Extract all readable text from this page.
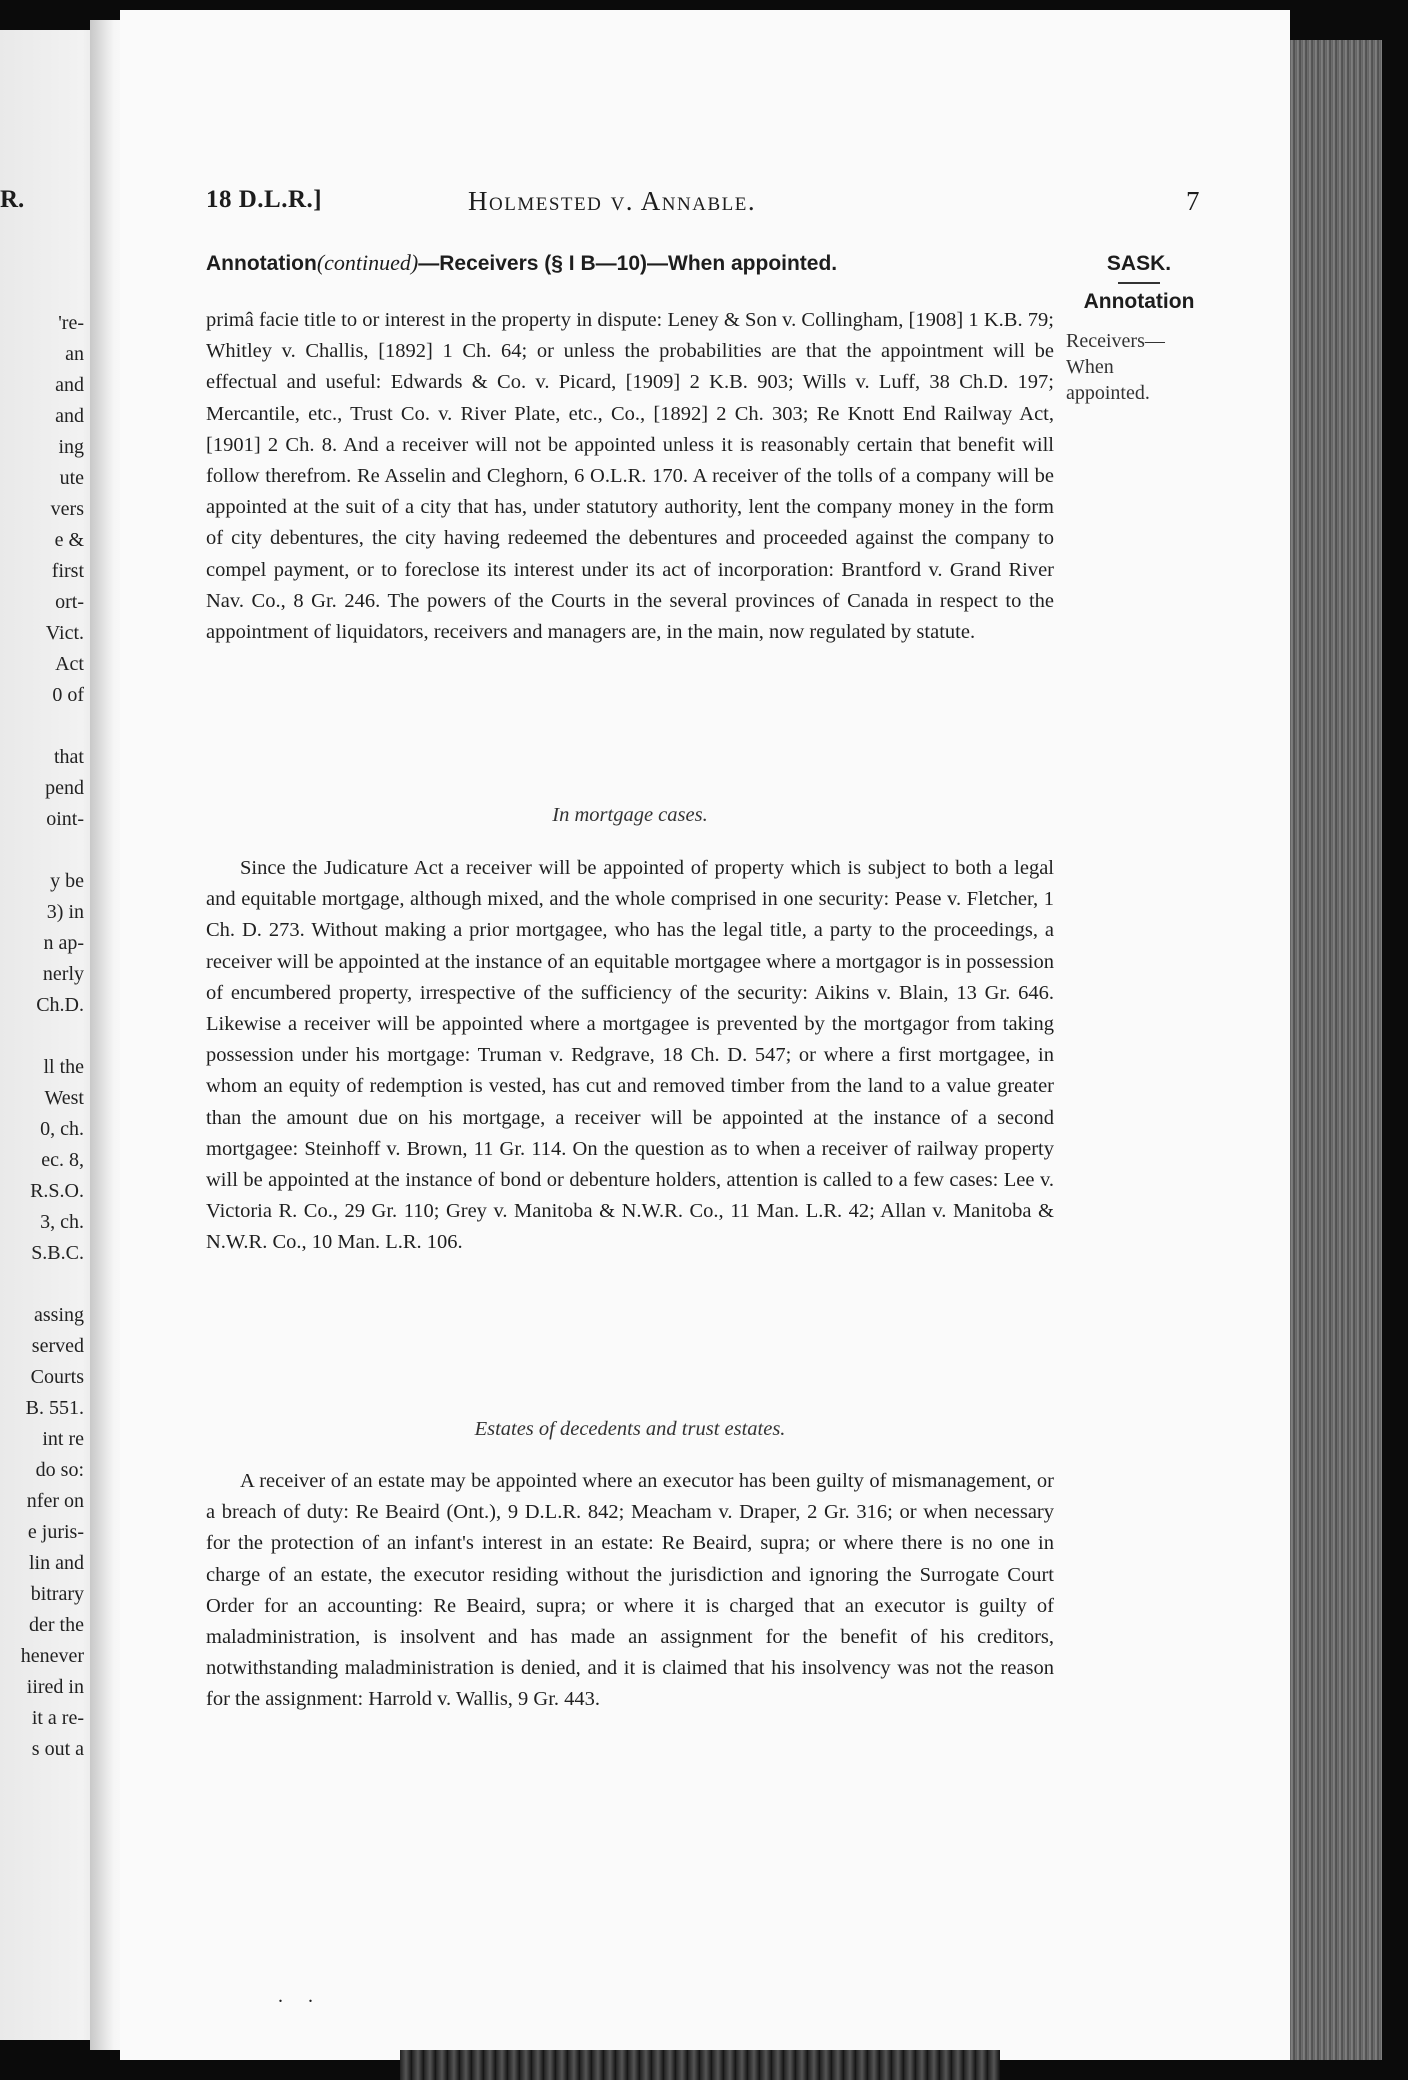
R.
're-
an
and
and
ing
ute
vers
e &
first
ort-
Vict.
Act
0 of

that
pend
oint-

y be
3) in
n ap-
nerly
Ch.D.

ll the
West
0, ch.
ec. 8,
R.S.O.
3, ch.
S.B.C.

assing
served
Courts
B. 551.
int re
do so:
nfer on
e juris-
lin and
bitrary
der the
henever
iired in
it a re-
s out a
18 D.L.R.]	Holmested v. Annable.	7
Annotation(continued)—Receivers (§ I B—10)—When appointed.	SASK.
Annotation
Receivers—
When
appointed.

primâ facie title to or interest in the property in dispute: Leney & Son v. Collingham, [1908] 1 K.B. 79; Whitley v. Challis, [1892] 1 Ch. 64; or unless the probabilities are that the appointment will be effectual and useful: Edwards & Co. v. Picard, [1909] 2 K.B. 903; Wills v. Luff, 38 Ch.D. 197; Mercantile, etc., Trust Co. v. River Plate, etc., Co., [1892] 2 Ch. 303; Re Knott End Railway Act, [1901] 2 Ch. 8. And a receiver will not be appointed unless it is reasonably certain that benefit will follow therefrom. Re Asselin and Cleghorn, 6 O.L.R. 170. A receiver of the tolls of a company will be appointed at the suit of a city that has, under statutory authority, lent the company money in the form of city debentures, the city having redeemed the debentures and proceeded against the company to compel payment, or to foreclose its interest under its act of incorporation: Brantford v. Grand River Nav. Co., 8 Gr. 246. The powers of the Courts in the several provinces of Canada in respect to the appointment of liquidators, receivers and managers are, in the main, now regulated by statute.

In mortgage cases.

Since the Judicature Act a receiver will be appointed of property which is subject to both a legal and equitable mortgage, although mixed, and the whole comprised in one security: Pease v. Fletcher, 1 Ch. D. 273. Without making a prior mortgagee, who has the legal title, a party to the proceedings, a receiver will be appointed at the instance of an equitable mortgagee where a mortgagor is in possession of encumbered property, irrespective of the sufficiency of the security: Aikins v. Blain, 13 Gr. 646. Likewise a receiver will be appointed where a mortgagee is prevented by the mortgagor from taking possession under his mortgage: Truman v. Redgrave, 18 Ch. D. 547; or where a first mortgagee, in whom an equity of redemption is vested, has cut and removed timber from the land to a value greater than the amount due on his mortgage, a receiver will be appointed at the instance of a second mortgagee: Steinhoff v. Brown, 11 Gr. 114. On the question as to when a receiver of railway property will be appointed at the instance of bond or debenture holders, attention is called to a few cases: Lee v. Victoria R. Co., 29 Gr. 110; Grey v. Manitoba & N.W.R. Co., 11 Man. L.R. 42; Allan v. Manitoba & N.W.R. Co., 10 Man. L.R. 106.

Estates of decedents and trust estates.

A receiver of an estate may be appointed where an executor has been guilty of mismanagement, or a breach of duty: Re Beaird (Ont.), 9 D.L.R. 842; Meacham v. Draper, 2 Gr. 316; or when necessary for the protection of an infant's interest in an estate: Re Beaird, supra; or where there is no one in charge of an estate, the executor residing without the jurisdiction and ignoring the Surrogate Court Order for an accounting: Re Beaird, supra; or where it is charged that an executor is guilty of maladministration, is insolvent and has made an assignment for the benefit of his creditors, notwithstanding maladministration is denied, and it is claimed that his insolvency was not the reason for the assignment: Harrold v. Wallis, 9 Gr. 443.

. .
